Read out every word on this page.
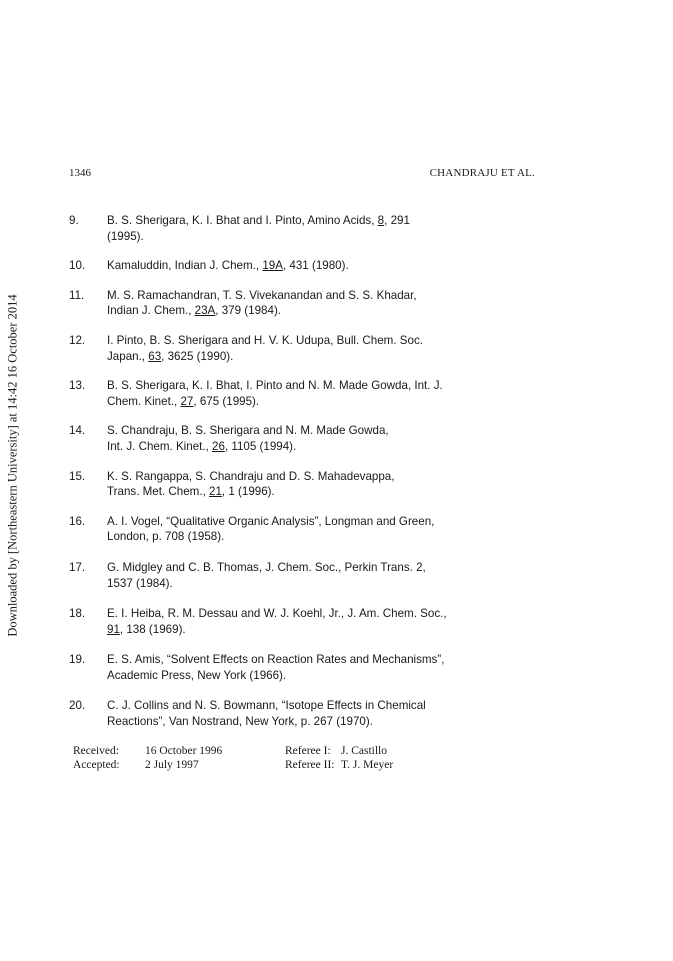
Downloaded by [Northeastern University] at 14:42 16 October 2014
1346	CHANDRAJU ET AL.
9.	B. S. Sherigara, K. I. Bhat and I. Pinto, Amino Acids, 8, 291
(1995).
10.	Kamaluddin, Indian J. Chem., 19A, 431 (1980).
11.	M. S. Ramachandran, T. S. Vivekanandan and S. S. Khadar,
Indian J. Chem., 23A, 379 (1984).
12.	I. Pinto, B. S. Sherigara and H. V. K. Udupa, Bull. Chem. Soc.
Japan., 63, 3625 (1990).
13.	B. S. Sherigara, K. I. Bhat, I. Pinto and N. M. Made Gowda, Int. J.
Chem. Kinet., 27, 675 (1995).
14.	S. Chandraju, B. S. Sherigara and N. M. Made Gowda,
Int. J. Chem. Kinet., 26, 1105 (1994).
15.	K. S. Rangappa, S. Chandraju and D. S. Mahadevappa,
Trans. Met. Chem., 21, 1 (1996).
16.	A. I. Vogel, “Qualitative Organic Analysis”, Longman and Green,
London, p. 708 (1958).
17.	G. Midgley and C. B. Thomas, J. Chem. Soc., Perkin Trans. 2,
1537 (1984).
18.	E. I. Heiba, R. M. Dessau and W. J. Koehl, Jr., J. Am. Chem. Soc.,
91, 138 (1969).
19.	E. S. Amis, “Solvent Effects on Reaction Rates and Mechanisms”,
Academic Press, New York (1966).
20.	C. J. Collins and N. S. Bowmann, “Isotope Effects in Chemical
Reactions”, Van Nostrand, New York, p. 267 (1970).
Received:	16 October 1996	Referee I: J. Castillo
Accepted:	2 July 1997	Referee II: T. J. Meyer
